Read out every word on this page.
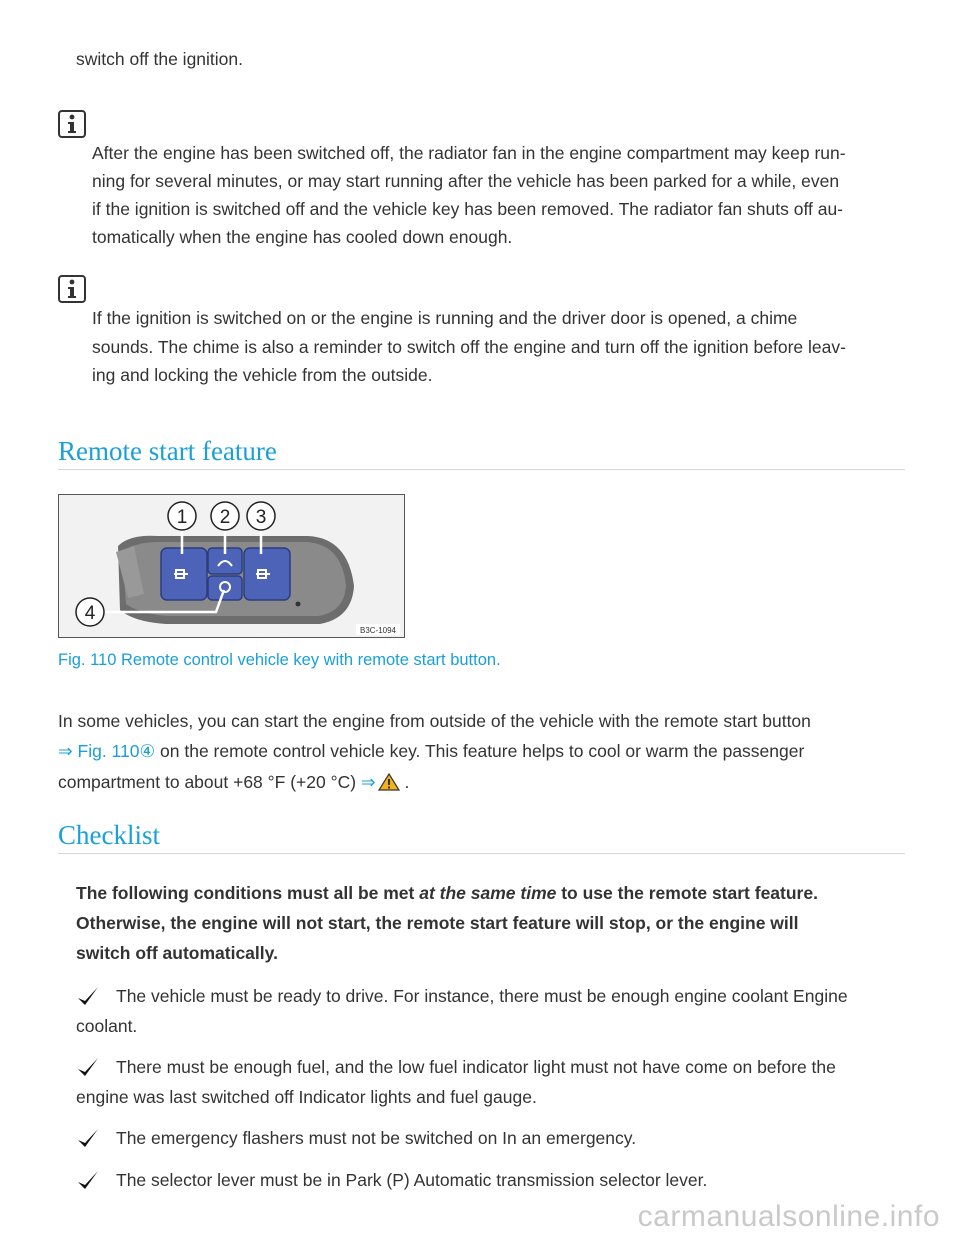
switch off the ignition.
After the engine has been switched off, the radiator fan in the engine compartment may keep run-
ning for several minutes, or may start running after the vehicle has been parked for a while, even
if the ignition is switched off and the vehicle key has been removed. The radiator fan shuts off au-
tomatically when the engine has cooled down enough.
If the ignition is switched on or the engine is running and the driver door is opened, a chime
sounds. The chime is also a reminder to switch off the engine and turn off the ignition before leav-
ing and locking the vehicle from the outside.
Remote start feature
1 2 3
4
B3C-1094
Fig. 110 Remote control vehicle key with remote start button.
In some vehicles, you can start the engine from outside of the vehicle with the remote start button
⇒ Fig. 110④ on the remote control vehicle key. This feature helps to cool or warm the passenger
compartment to about +68 °F (+20 °C) ⇒ .
Checklist
The following conditions must all be met at the same time to use the remote start feature.
Otherwise, the engine will not start, the remote start feature will stop, or the engine will
switch off automatically.
The vehicle must be ready to drive. For instance, there must be enough engine coolant Engine
coolant.
There must be enough fuel, and the low fuel indicator light must not have come on before the
engine was last switched off Indicator lights and fuel gauge.
The emergency flashers must not be switched on In an emergency.
The selector lever must be in Park (P) Automatic transmission selector lever.
carmanualsonline.info
